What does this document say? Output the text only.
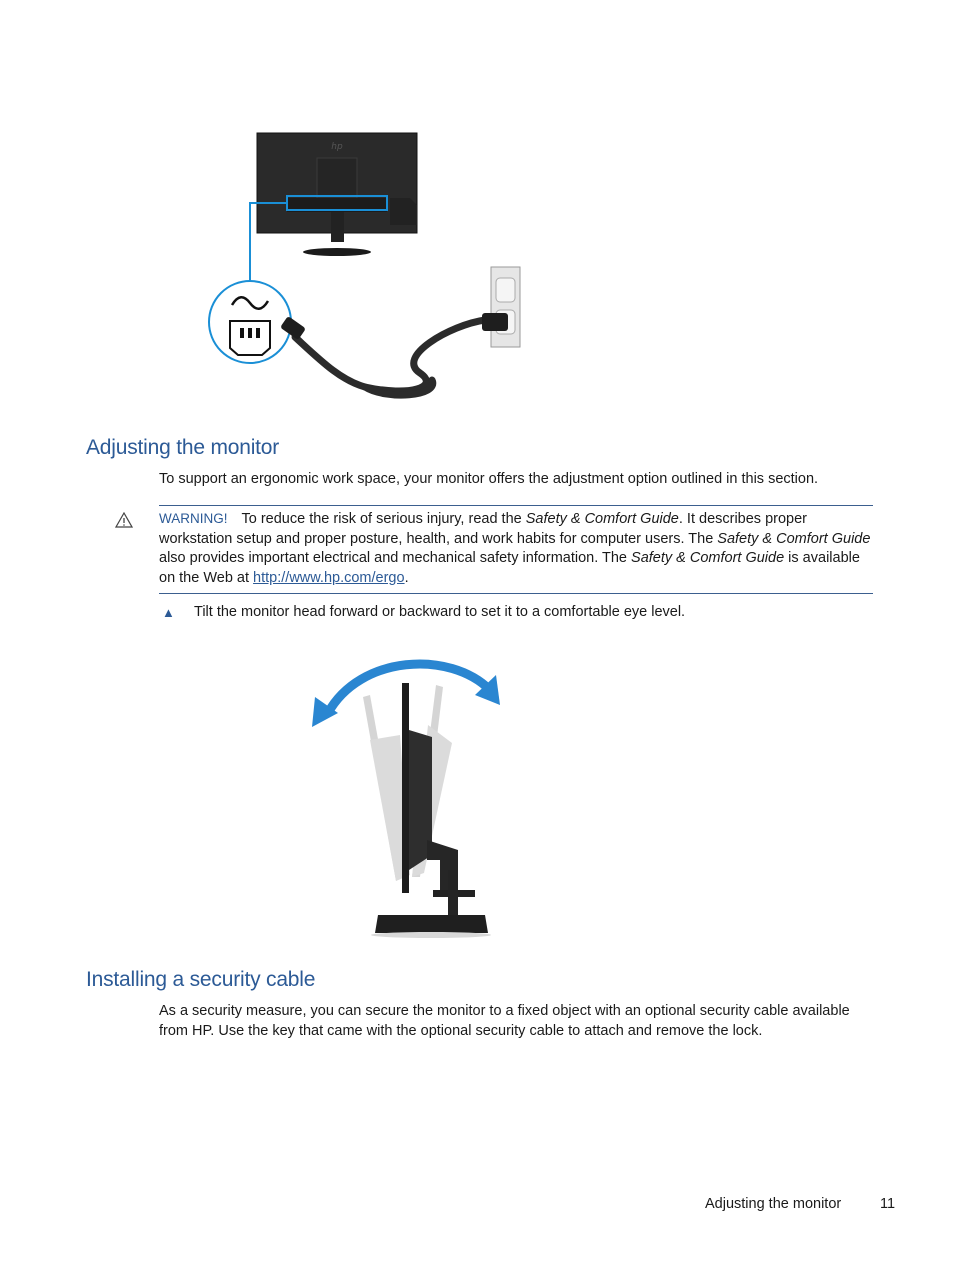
hp
Adjusting the monitor

To support an ergonomic work space, your monitor offers the adjustment option outlined in this section.

WARNING! To reduce the risk of serious injury, read the Safety & Comfort Guide. It describes proper workstation setup and proper posture, health, and work habits for computer users. The Safety & Comfort Guide also provides important electrical and mechanical safety information. The Safety & Comfort Guide is available on the Web at http://www.hp.com/ergo.

▲ Tilt the monitor head forward or backward to set it to a comfortable eye level.
Installing a security cable

As a security measure, you can secure the monitor to a fixed object with an optional security cable available from HP. Use the key that came with the optional security cable to attach and remove the lock.

Adjusting the monitor	11
